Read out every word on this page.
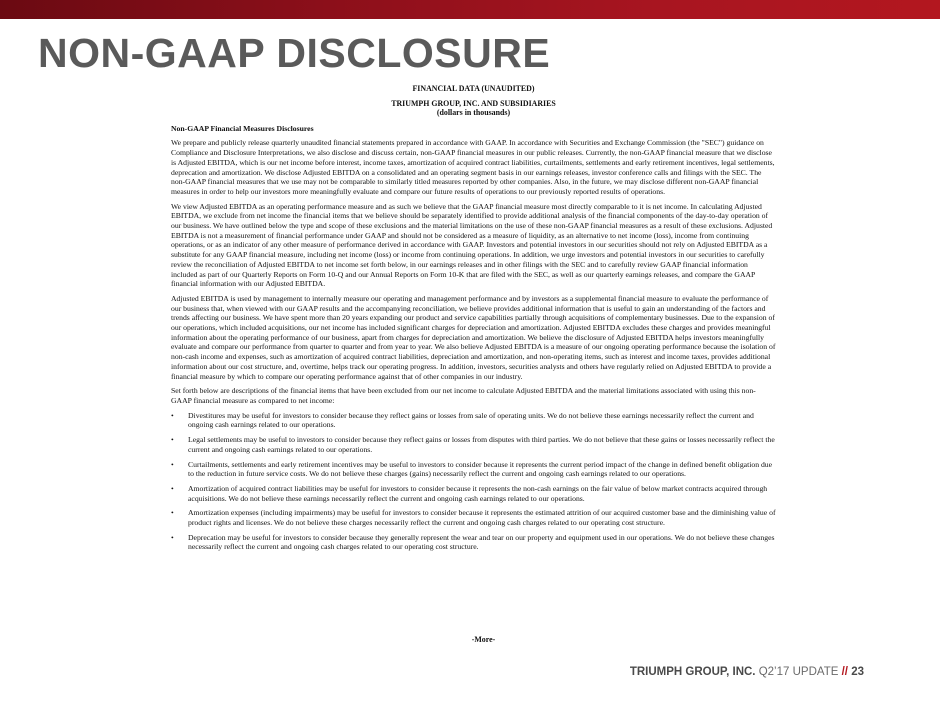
NON-GAAP DISCLOSURE
FINANCIAL DATA (UNAUDITED)
TRIUMPH GROUP, INC. AND SUBSIDIARIES
(dollars in thousands)

Non-GAAP Financial Measures Disclosures

We prepare and publicly release quarterly unaudited financial statements prepared in accordance with GAAP. In accordance with Securities and Exchange Commission (the "SEC") guidance on Compliance and Disclosure Interpretations, we also disclose and discuss certain, non-GAAP financial measures in our public releases. Currently, the non-GAAP financial measure that we disclose is Adjusted EBITDA, which is our net income before interest, income taxes, amortization of acquired contract liabilities, curtailments, settlements and early retirement incentives, legal settlements, deprecation and amortization. We disclose Adjusted EBITDA on a consolidated and an operating segment basis in our earnings releases, investor conference calls and filings with the SEC. The non-GAAP financial measures that we use may not be comparable to similarly titled measures reported by other companies. Also, in the future, we may disclose different non-GAAP financial measures in order to help our investors more meaningfully evaluate and compare our future results of operations to our previously reported results of operations.

We view Adjusted EBITDA as an operating performance measure and as such we believe that the GAAP financial measure most directly comparable to it is net income. In calculating Adjusted EBITDA, we exclude from net income the financial items that we believe should be separately identified to provide additional analysis of the financial components of the day-to-day operation of our business. We have outlined below the type and scope of these exclusions and the material limitations on the use of these non-GAAP financial measures as a result of these exclusions. Adjusted EBITDA is not a measurement of financial performance under GAAP and should not be considered as a measure of liquidity, as an alternative to net income (loss), income from continuing operations, or as an indicator of any other measure of performance derived in accordance with GAAP. Investors and potential investors in our securities should not rely on Adjusted EBITDA as a substitute for any GAAP financial measure, including net income (loss) or income from continuing operations. In addition, we urge investors and potential investors in our securities to carefully review the reconciliation of Adjusted EBITDA to net income set forth below, in our earnings releases and in other filings with the SEC and to carefully review GAAP financial information included as part of our Quarterly Reports on Form 10-Q and our Annual Reports on Form 10-K that are filed with the SEC, as well as our quarterly earnings releases, and compare the GAAP financial information with our Adjusted EBITDA.

Adjusted EBITDA is used by management to internally measure our operating and management performance and by investors as a supplemental financial measure to evaluate the performance of our business that, when viewed with our GAAP results and the accompanying reconciliation, we believe provides additional information that is useful to gain an understanding of the factors and trends affecting our business. We have spent more than 20 years expanding our product and service capabilities partially through acquisitions of complementary businesses. Due to the expansion of our operations, which included acquisitions, our net income has included significant charges for depreciation and amortization. Adjusted EBITDA excludes these charges and provides meaningful information about the operating performance of our business, apart from charges for depreciation and amortization. We believe the disclosure of Adjusted EBITDA helps investors meaningfully evaluate and compare our performance from quarter to quarter and from year to year. We also believe Adjusted EBITDA is a measure of our ongoing operating performance because the isolation of non-cash income and expenses, such as amortization of acquired contract liabilities, depreciation and amortization, and non-operating items, such as interest and income taxes, provides additional information about our cost structure, and, overtime, helps track our operating progress. In addition, investors, securities analysts and others have regularly relied on Adjusted EBITDA to provide a financial measure by which to compare our operating performance against that of other companies in our industry.

Set forth below are descriptions of the financial items that have been excluded from our net income to calculate Adjusted EBITDA and the material limitations associated with using this non-GAAP financial measure as compared to net income:

• Divestitures may be useful for investors to consider because they reflect gains or losses from sale of operating units. We do not believe these earnings necessarily reflect the current and ongoing cash earnings related to our operations.
• Legal settlements may be useful to investors to consider because they reflect gains or losses from disputes with third parties. We do not believe that these gains or losses necessarily reflect the current and ongoing cash earnings related to our operations.
• Curtailments, settlements and early retirement incentives may be useful to investors to consider because it represents the current period impact of the change in defined benefit obligation due to the reduction in future service costs. We do not believe these charges (gains) necessarily reflect the current and ongoing cash earnings related to our operations.
• Amortization of acquired contract liabilities may be useful for investors to consider because it represents the non-cash earnings on the fair value of below market contracts acquired through acquisitions. We do not believe these earnings necessarily reflect the current and ongoing cash earnings related to our operations.
• Amortization expenses (including impairments) may be useful for investors to consider because it represents the estimated attrition of our acquired customer base and the diminishing value of product rights and licenses. We do not believe these charges necessarily reflect the current and ongoing cash charges related to our operating cost structure.
• Deprecation may be useful for investors to consider because they generally represent the wear and tear on our property and equipment used in our operations. We do not believe these changes necessarily reflect the current and ongoing cash charges related to our operating cost structure.
-More-
TRIUMPH GROUP, INC. Q2’17 UPDATE // 23
